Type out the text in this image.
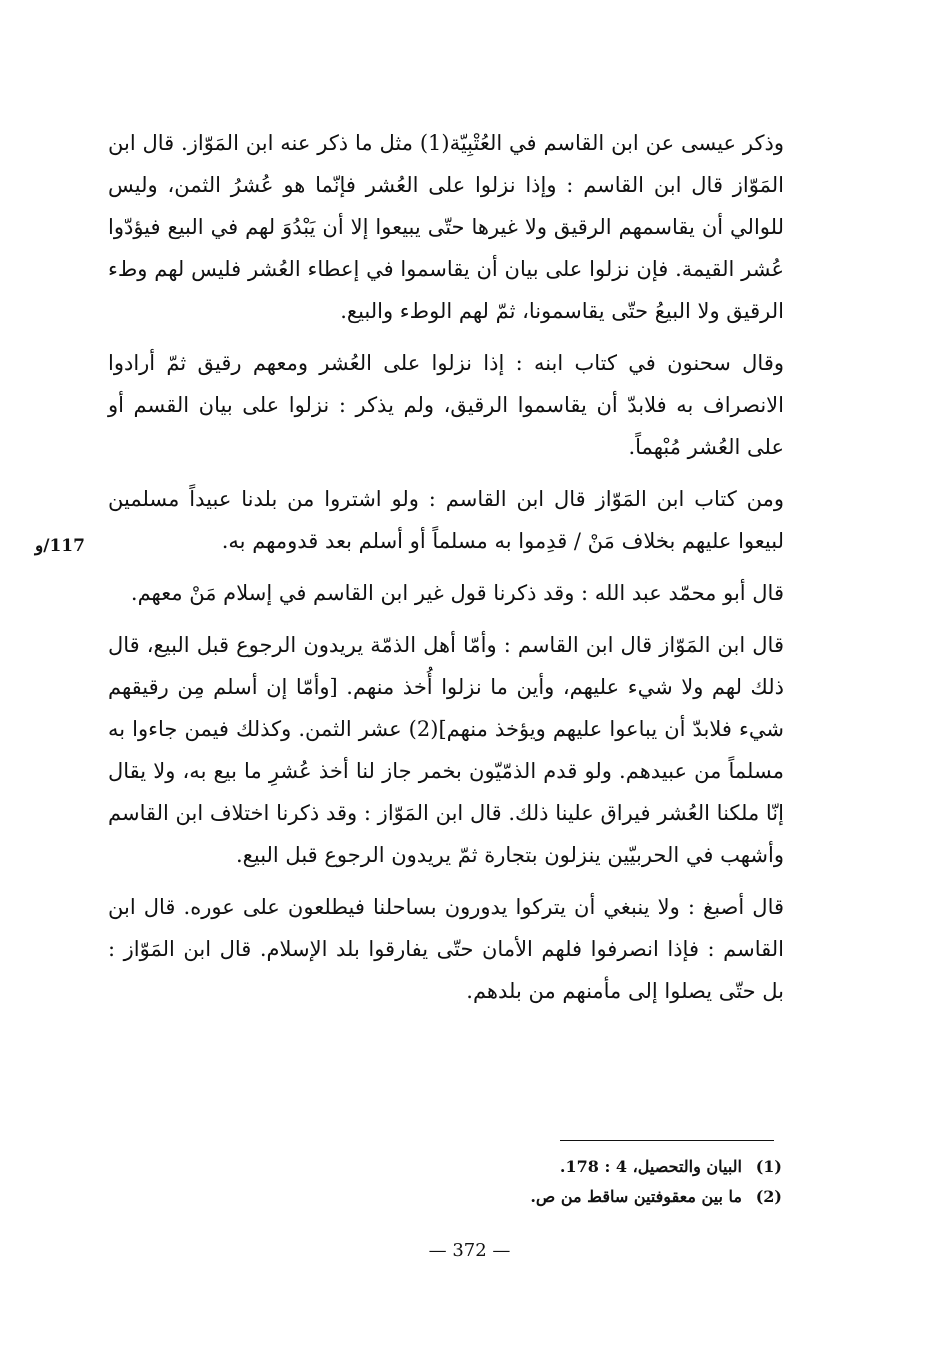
وذكر عيسى عن ابن القاسم في العُتْبِيّة(1) مثل ما ذكر عنه ابن المَوّاز. قال ابن المَوّاز قال ابن القاسم : وإذا نزلوا على العُشر فإنّما هو عُشرُ الثمن، وليس للوالي أن يقاسمهم الرقيق ولا غيرها حتّى يبيعوا إلا أن يَبْدُوَ لهم في البيع فيؤدّوا عُشر القيمة. فإن نزلوا على بيان أن يقاسموا في إعطاء العُشر فليس لهم وطء الرقيق ولا البيعُ حتّى يقاسمونا، ثمّ لهم الوطء والبيع.

وقال سحنون في كتاب ابنه : إذا نزلوا على العُشر ومعهم رقيق ثمّ أرادوا الانصراف به فلابدّ أن يقاسموا الرقيق، ولم يذكر : نزلوا على بيان القسم أو على العُشر مُبْهماً.

ومن كتاب ابن المَوّاز قال ابن القاسم : ولو اشتروا من بلدنا عبيداً مسلمين لبيعوا عليهم بخلاف مَنْ / قدِموا به مسلماً أو أسلم بعد قدومهم به.

قال أبو محمّد عبد الله : وقد ذكرنا قول غير ابن القاسم في إسلام مَنْ معهم.

قال ابن المَوّاز قال ابن القاسم : وأمّا أهل الذمّة يريدون الرجوع قبل البيع، قال ذلك لهم ولا شيء عليهم، وأين ما نزلوا أُخذ منهم. [وأمّا إن أسلم مِن رقيقهم شيء فلابدّ أن يباعوا عليهم ويؤخذ منهم](2) عشر الثمن. وكذلك فيمن جاءوا به مسلماً من عبيدهم. ولو قدم الذمّيّون بخمر جاز لنا أخذ عُشرِ ما بيع به، ولا يقال إنّا ملكنا العُشر فيراق علينا ذلك. قال ابن المَوّاز : وقد ذكرنا اختلاف ابن القاسم وأشهب في الحربيّين ينزلون بتجارة ثمّ يريدون الرجوع قبل البيع.

قال أصبغ : ولا ينبغي أن يتركوا يدورون بساحلنا فيطلعون على عوره. قال ابن القاسم : فإذا انصرفوا فلهم الأمان حتّى يفارقوا بلد الإسلام. قال ابن المَوّاز : بل حتّى يصلوا إلى مأمنهم من بلدهم.

117/و
(1)
البيان والتحصيل، 4 : 178.
(2)
ما بين معقوفتين ساقط من ص.
— 372 —
